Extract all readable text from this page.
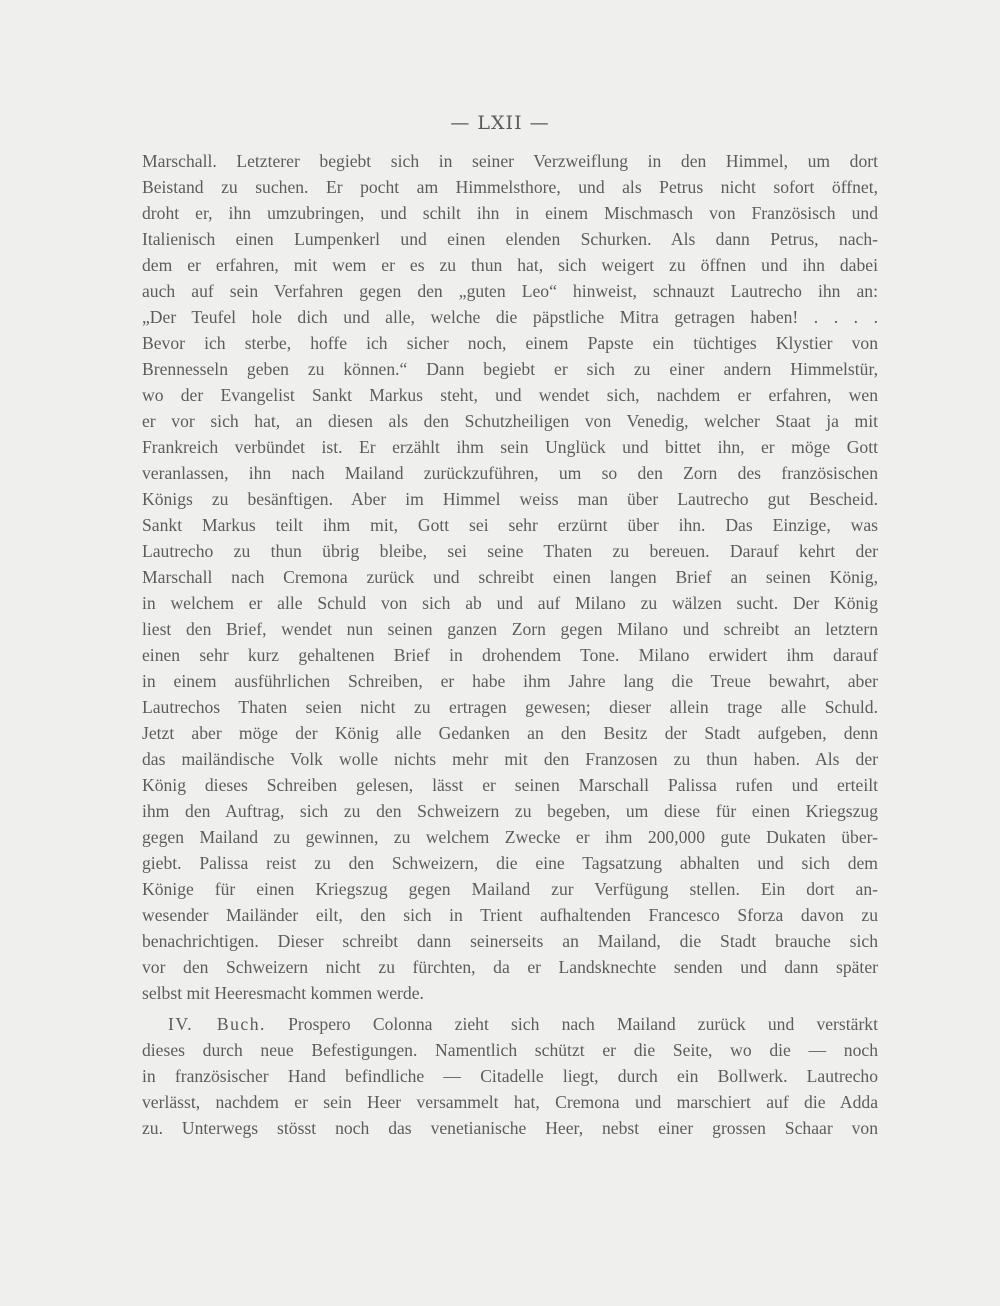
— LXII —
Marschall. Letzterer begiebt sich in seiner Verzweiflung in den Himmel, um dort
Beistand zu suchen. Er pocht am Himmelsthore, und als Petrus nicht sofort öffnet,
droht er, ihn umzubringen, und schilt ihn in einem Mischmasch von Französisch und
Italienisch einen Lumpenkerl und einen elenden Schurken. Als dann Petrus, nach-
dem er erfahren, mit wem er es zu thun hat, sich weigert zu öffnen und ihn dabei
auch auf sein Verfahren gegen den „guten Leo“ hinweist, schnauzt Lautrecho ihn an:
„Der Teufel hole dich und alle, welche die päpstliche Mitra getragen haben! . . . .
Bevor ich sterbe, hoffe ich sicher noch, einem Papste ein tüchtiges Klystier von
Brennesseln geben zu können.“ Dann begiebt er sich zu einer andern Himmelstür,
wo der Evangelist Sankt Markus steht, und wendet sich, nachdem er erfahren, wen
er vor sich hat, an diesen als den Schutzheiligen von Venedig, welcher Staat ja mit
Frankreich verbündet ist. Er erzählt ihm sein Unglück und bittet ihn, er möge Gott
veranlassen, ihn nach Mailand zurückzuführen, um so den Zorn des französischen
Königs zu besänftigen. Aber im Himmel weiss man über Lautrecho gut Bescheid.
Sankt Markus teilt ihm mit, Gott sei sehr erzürnt über ihn. Das Einzige, was
Lautrecho zu thun übrig bleibe, sei seine Thaten zu bereuen. Darauf kehrt der
Marschall nach Cremona zurück und schreibt einen langen Brief an seinen König,
in welchem er alle Schuld von sich ab und auf Milano zu wälzen sucht. Der König
liest den Brief, wendet nun seinen ganzen Zorn gegen Milano und schreibt an letztern
einen sehr kurz gehaltenen Brief in drohendem Tone. Milano erwidert ihm darauf
in einem ausführlichen Schreiben, er habe ihm Jahre lang die Treue bewahrt, aber
Lautrechos Thaten seien nicht zu ertragen gewesen; dieser allein trage alle Schuld.
Jetzt aber möge der König alle Gedanken an den Besitz der Stadt aufgeben, denn
das mailändische Volk wolle nichts mehr mit den Franzosen zu thun haben. Als der
König dieses Schreiben gelesen, lässt er seinen Marschall Palissa rufen und erteilt
ihm den Auftrag, sich zu den Schweizern zu begeben, um diese für einen Kriegszug
gegen Mailand zu gewinnen, zu welchem Zwecke er ihm 200,000 gute Dukaten über-
giebt. Palissa reist zu den Schweizern, die eine Tagsatzung abhalten und sich dem
Könige für einen Kriegszug gegen Mailand zur Verfügung stellen. Ein dort an-
wesender Mailänder eilt, den sich in Trient aufhaltenden Francesco Sforza davon zu
benachrichtigen. Dieser schreibt dann seinerseits an Mailand, die Stadt brauche sich
vor den Schweizern nicht zu fürchten, da er Landsknechte senden und dann später
selbst mit Heeresmacht kommen werde.
IV. Buch. Prospero Colonna zieht sich nach Mailand zurück und verstärkt
dieses durch neue Befestigungen. Namentlich schützt er die Seite, wo die — noch
in französischer Hand befindliche — Citadelle liegt, durch ein Bollwerk. Lautrecho
verlässt, nachdem er sein Heer versammelt hat, Cremona und marschiert auf die Adda
zu. Unterwegs stösst noch das venetianische Heer, nebst einer grossen Schaar von
